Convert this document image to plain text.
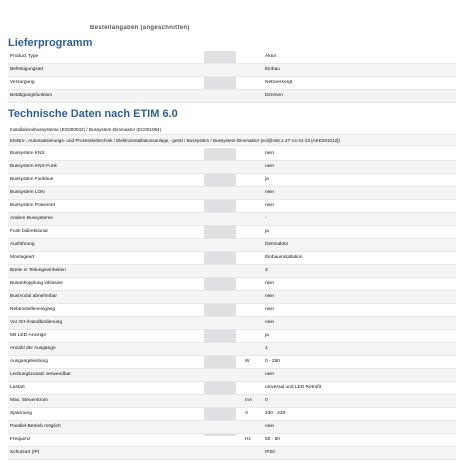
Bestellangaben (angeschnitten)
Lieferprogramm
Product Type	Aktor
Befestigungsart	Einbau
Versorgung	Netzversorgt
Betätigungsfunktion	Dimmen
Technische Daten nach ETIM 6.0
Installationsbussysteme (EG000032) / Bussystem-Dimmaktor (EC001094)
Elektro-, Automatisierungs- und Prozessleittechnik / Elektroinstallationsanlage, -gerät / Bussystem / Bussystem-Dimmaktor (ecl@ss8.1-27-14-31-23 [AKE291012])
Bussystem KNX	nein
Bussystem KNX-Funk	nein
Bussystem Funkbus	ja
Bussystem LON	nein
Bussystem Powernet	nein
Andere Bussysteme	-
Funk bidirektional	ja
Ausführung	Dimmaktor
Montageart	Einbauinstallation
Breite in Teilungseinheiten	3
Busankopplung inklusive	nein
Busmodul abnehmbar	nein
Nebenstelleneingang	nein
Vor Ort-/Handbedienung	nein
Mit LED-Anzeige	ja
Anzahl der Ausgänge	1
Ausgangsleistung	W	0 - 250
Leistungszusatz verwendbar	nein
Lastart	universal und LED Retrofit
Max. Steuerstrom	mA	0
Spannung	V	230 - 230
Parallel-Betrieb möglich	nein
Frequenz	Hz	50 - 50
Schutzart (IP)	IP20
